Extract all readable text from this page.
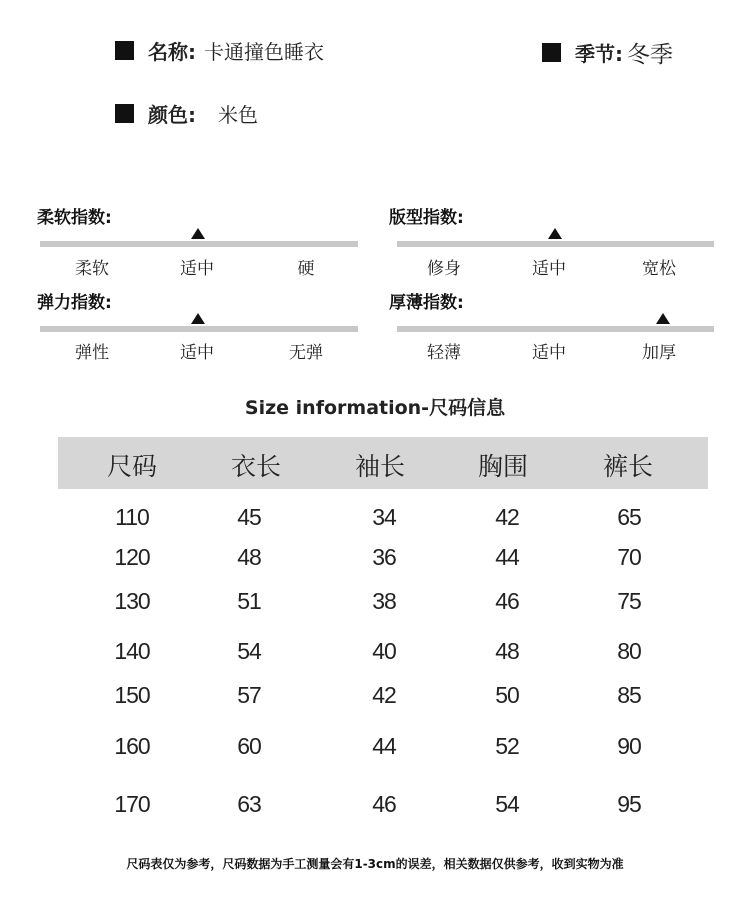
名称: 卡通撞色睡衣	季节: 冬季
颜色: 米色
柔软指数:
柔软	适中	硬
版型指数:
修身	适中	宽松
弹力指数:
弹性	适中	无弹
厚薄指数:
轻薄	适中	加厚
Size information-尺码信息
尺码	衣长	袖长	胸围	裤长
110	45	34	42	65
120	48	36	44	70
130	51	38	46	75
140	54	40	48	80
150	57	42	50	85
160	60	44	52	90
170	63	46	54	95
尺码表仅为参考，尺码数据为手工测量会有1-3cm的误差，相关数据仅供参考，收到实物为准
